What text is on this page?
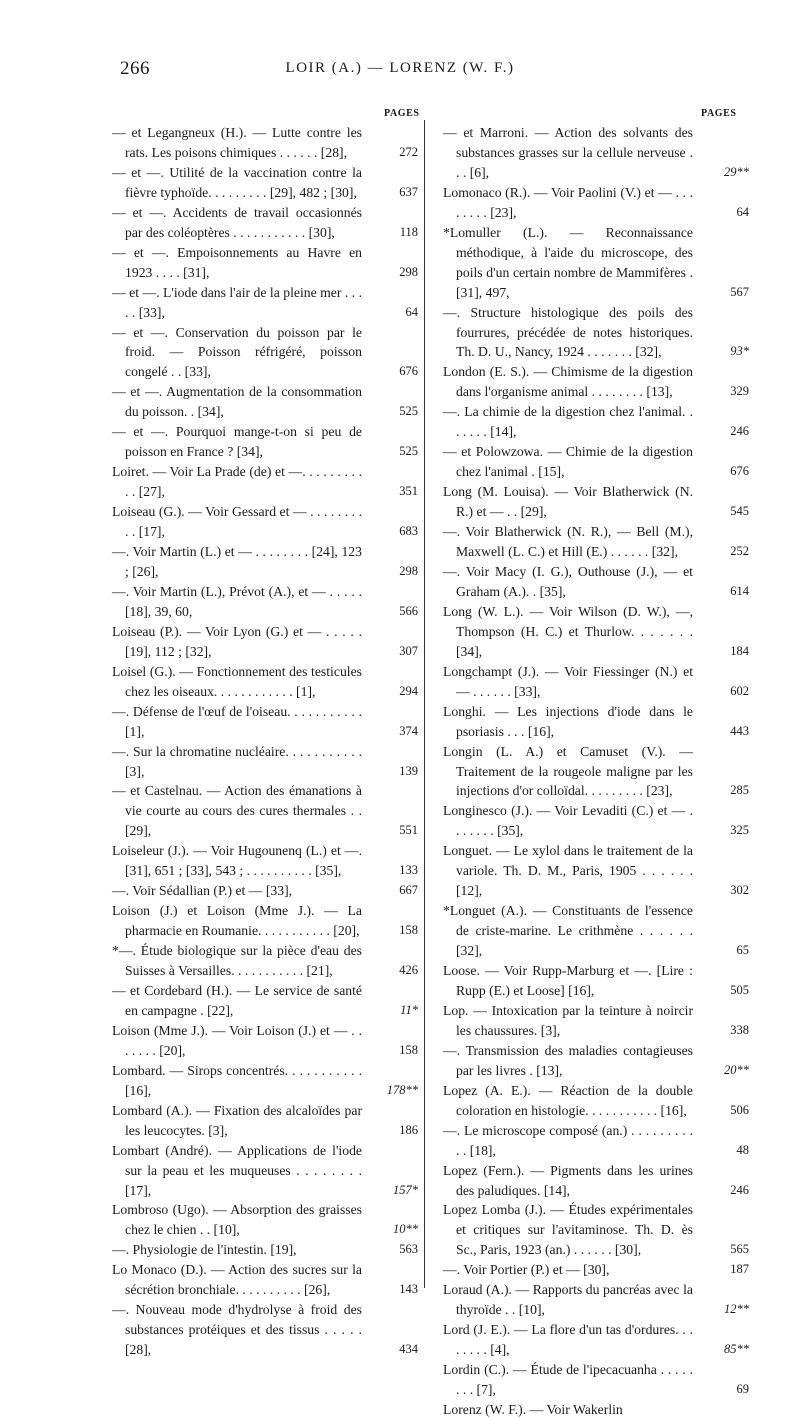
266	LOIR (A.) — LORENZ (W. F.)
PAGES	PAGES

— et Legangneux (H.). — Lutte contre les rats. Les poisons chimiques . . . . . . [28],	272

— et —. Utilité de la vaccination contre la fièvre typhoïde. . . . . . . . . [29], 482 ; [30],	637

— et —. Accidents de travail occasionnés par des coléoptères . . . . . . . . . . . [30],	118

— et —. Empoisonnements au Havre en 1923 . . . . [31],	298

— et —. L'iode dans l'air de la pleine mer . . . . . [33],	64

— et —. Conservation du poisson par le froid. — Poisson réfrigéré, poisson congelé . . [33],	676

— et —. Augmentation de la consommation du poisson. . [34],	525

— et —. Pourquoi mange-t-on si peu de poisson en France ? [34],	525

Loiret. — Voir La Prade (de) et —. . . . . . . . . . . [27],	351

Loiseau (G.). — Voir Gessard et — . . . . . . . . . . [17],	683

—. Voir Martin (L.) et — . . . . . . . . [24], 123 ; [26],	298

—. Voir Martin (L.), Prévot (A.), et — . . . . . [18], 39, 60,	566

Loiseau (P.). — Voir Lyon (G.) et — . . . . . [19], 112 ; [32],	307

Loisel (G.). — Fonctionnement des testicules chez les oiseaux. . . . . . . . . . . . [1],	294

—. Défense de l'œuf de l'oiseau. . . . . . . . . . . [1],	374

—. Sur la chromatine nucléaire. . . . . . . . . . . [3],	139

— et Castelnau. — Action des émanations à vie courte au cours des cures thermales . . [29],	551

Loiseleur (J.). — Voir Hugounenq (L.) et —. [31], 651 ; [33], 543 ; . . . . . . . . . . [35],	133

—. Voir Sédallian (P.) et — [33],	667

Loison (J.) et Loison (Mme J.). — La pharmacie en Roumanie. . . . . . . . . . . [20],	158

*—. Étude biologique sur la pièce d'eau des Suisses à Versailles. . . . . . . . . . . [21],	426

— et Cordebard (H.). — Le service de santé en campagne . [22],	11*

Loison (Mme J.). — Voir Loison (J.) et — . . . . . . . [20],	158

Lombard. — Sirops concentrés. . . . . . . . . . . [16],	178**

Lombard (A.). — Fixation des alcaloïdes par les leucocytes. [3],	186

Lombart (André). — Applications de l'iode sur la peau et les muqueuses . . . . . . . . [17],	157*

Lombroso (Ugo). — Absorption des graisses chez le chien . . [10],	10**

—. Physiologie de l'intestin. [19],	563

Lo Monaco (D.). — Action des sucres sur la sécrétion bronchiale. . . . . . . . . . [26],	143

—. Nouveau mode d'hydrolyse à froid des substances protéiques et des tissus . . . . . [28],	434

— et Marroni. — Action des solvants des substances grasses sur la cellule nerveuse . . . [6],	29**

Lomonaco (R.). — Voir Paolini (V.) et — . . . . . . . . [23],	64

*Lomuller (L.). — Reconnaissance méthodique, à l'aide du microscope, des poils d'un certain nombre de Mammifères . [31], 497,	567

—. Structure histologique des poils des fourrures, précédée de notes historiques. Th. D. U., Nancy, 1924 . . . . . . . [32],	93*

London (E. S.). — Chimisme de la digestion dans l'organisme animal . . . . . . . . [13],	329

—. La chimie de la digestion chez l'animal. . . . . . . [14],	246

— et Polowzowa. — Chimie de la digestion chez l'animal . [15],	676

Long (M. Louisa). — Voir Blatherwick (N. R.) et — . . [29],	545

—. Voir Blatherwick (N. R.), — Bell (M.), Maxwell (L. C.) et Hill (E.) . . . . . . [32],	252

—. Voir Macy (I. G.), Outhouse (J.), — et Graham (A.). . [35],	614

Long (W. L.). — Voir Wilson (D. W.), —, Thompson (H. C.) et Thurlow. . . . . . . [34],	184

Longchampt (J.). — Voir Fiessinger (N.) et — . . . . . . [33],	602

Longhi. — Les injections d'iode dans le psoriasis . . . [16],	443

Longin (L. A.) et Camuset (V.). — Traitement de la rougeole maligne par les injections d'or colloïdal. . . . . . . . . [23],	285

Longinesco (J.). — Voir Levaditi (C.) et — . . . . . . . [35],	325

Longuet. — Le xylol dans le traitement de la variole. Th. D. M., Paris, 1905 . . . . . . [12],	302

*Longuet (A.). — Constituants de l'essence de criste-marine. Le crithmène . . . . . . [32],	65

Loose. — Voir Rupp-Marburg et —. [Lire : Rupp (E.) et Loose] [16],	505

Lop. — Intoxication par la teinture à noircir les chaussures. [3],	338

—. Transmission des maladies contagieuses par les livres . [13],	20**

Lopez (A. E.). — Réaction de la double coloration en histologie. . . . . . . . . . . [16],	506

—. Le microscope composé (an.) . . . . . . . . . . . [18],	48

Lopez (Fern.). — Pigments dans les urines des paludiques. [14],	246

Lopez Lomba (J.). — Études expérimentales et critiques sur l'avitaminose. Th. D. ès Sc., Paris, 1923 (an.) . . . . . . [30],	565

—. Voir Portier (P.) et — [30],	187

Loraud (A.). — Rapports du pancréas avec la thyroïde . . [10],	12**

Lord (J. E.). — La flore d'un tas d'ordures. . . . . . . . [4],	85**

Lordin (C.). — Étude de l'ipecacuanha . . . . . . . . [7],	69

Lorenz (W. F.). — Voir Wakerlin
